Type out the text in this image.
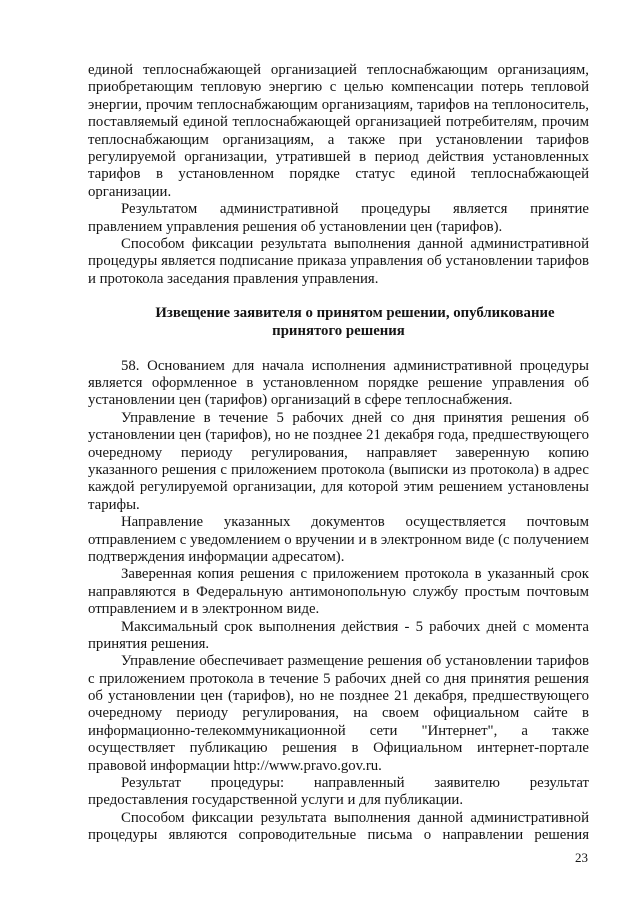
единой теплоснабжающей организацией теплоснабжающим организациям,
приобретающим тепловую энергию с целью компенсации потерь тепловой
энергии, прочим теплоснабжающим организациям, тарифов на теплоноситель,
поставляемый единой теплоснабжающей организацией потребителям, прочим
теплоснабжающим организациям, а также при установлении тарифов
регулируемой организации, утратившей в период действия установленных
тарифов в установленном порядке статус единой теплоснабжающей
организации.
Результатом административной процедуры является принятие
правлением управления решения об установлении цен (тарифов).
Способом фиксации результата выполнения данной административной
процедуры является подписание приказа управления об установлении тарифов
и протокола заседания правления управления.
Извещение заявителя о принятом решении, опубликование
принятого решения
58. Основанием для начала исполнения административной процедуры
является оформленное в установленном порядке решение управления об
установлении цен (тарифов) организаций в сфере теплоснабжения.
Управление в течение 5 рабочих дней со дня принятия решения об
установлении цен (тарифов), но не позднее 21 декабря года, предшествующего
очередному периоду регулирования, направляет заверенную копию
указанного решения с приложением протокола (выписки из протокола) в адрес
каждой регулируемой организации, для которой этим решением установлены
тарифы.
Направление указанных документов осуществляется почтовым
отправлением с уведомлением о вручении и в электронном виде (с получением
подтверждения информации адресатом).
Заверенная копия решения с приложением протокола в указанный срок
направляются в Федеральную антимонопольную службу простым почтовым
отправлением и в электронном виде.
Максимальный срок выполнения действия - 5 рабочих дней с момента
принятия решения.
Управление обеспечивает размещение решения об установлении тарифов
с приложением протокола в течение 5 рабочих дней со дня принятия решения
об установлении цен (тарифов), но не позднее 21 декабря, предшествующего
очередному периоду регулирования, на своем официальном сайте в
информационно-телекоммуникационной сети "Интернет", а также
осуществляет публикацию решения в Официальном интернет-портале
правовой информации http://www.pravo.gov.ru.
Результат процедуры: направленный заявителю результат
предоставления государственной услуги и для публикации.
Способом фиксации результата выполнения данной административной
процедуры являются сопроводительные письма о направлении решения
23
